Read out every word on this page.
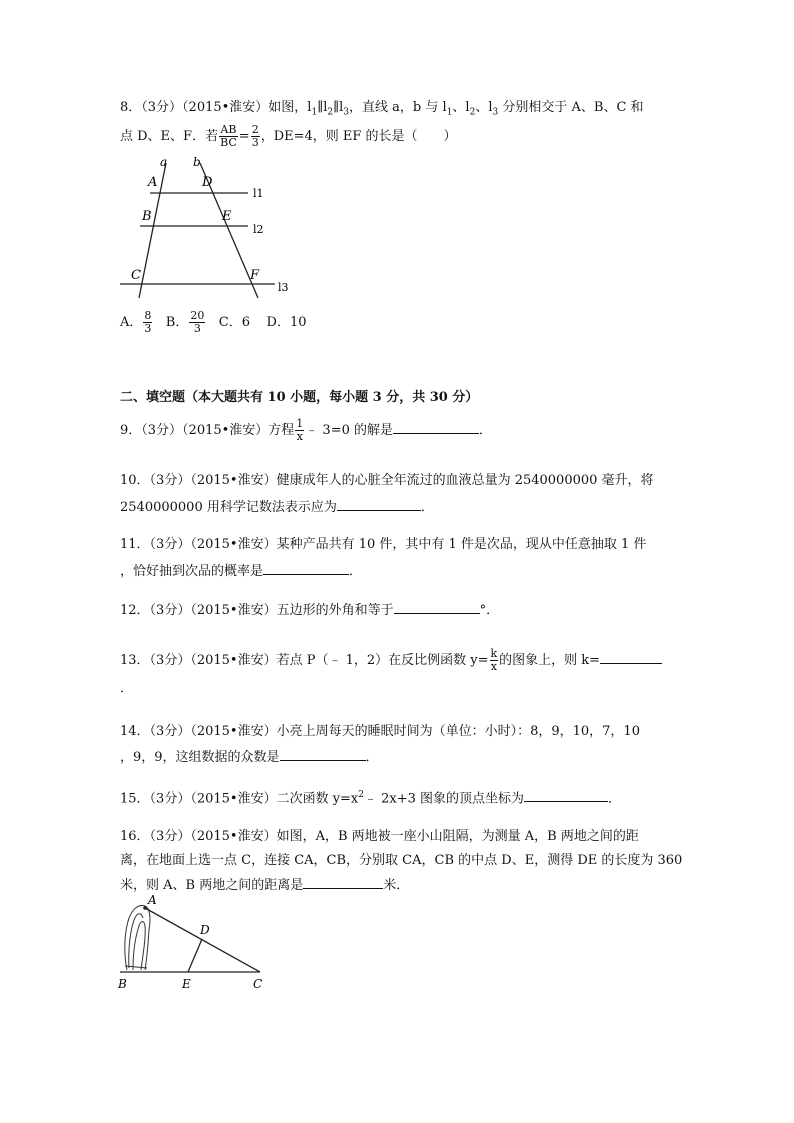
8．（3分）（2015•淮安）如图，$l_1\parallel l_2\parallel l_3$，直线 a，b 与 $l_1$、$l_2$、$l_3$ 分别相交于 A、B、C 和
点 D、E、F．若 $\frac{AB}{BC} = \frac{2}{3}$ ，DE=4，则 EF 的长是（　　）
a b
A	D
l1
B	E
l2
C	F
l3
A． $\frac{8}{3}$ B． $\frac{20}{3}$ C．6 D．10
二、填空题（本大题共有 10 小题，每小题 3 分，共 30 分）
9．（3分）（2015•淮安）方程 $\frac{1}{x}$ ﹣ 3=0 的解是	．
10．（3分）（2015•淮安）健康成年人的心脏全年流过的血液总量为 2540000000 毫升，将
2540000000 用科学记数法表示应为	．
11．（3分）（2015•淮安）某种产品共有 10 件，其中有 1 件是次品，现从中任意抽取 1 件
，恰好抽到次品的概率是	．
12．（3分）（2015•淮安）五边形的外角和等于	°．
13．（3分）（2015•淮安）若点 P（﹣ 1，2）在反比例函数 $y= \frac{k}{x}$ 的图象上，则 k=
．
14．（3分）（2015•淮安）小亮上周每天的睡眠时间为（单位：小时）：8，9，10，7，10
，9，9，这组数据的众数是	．
15．（3分）（2015•淮安）二次函数 $y=x^2﹣$ 2x+3 图象的顶点坐标为	．
16．（3分）（2015•淮安）如图，A，B 两地被一座小山阻隔，为测量 A，B 两地之间的距
离，在地面上选一点 C，连接 CA，CB，分别取 CA，CB 的中点 D、E，测得 DE 的长度为 360
米，则 A、B 两地之间的距离是	米．
A
D
B	E	C
